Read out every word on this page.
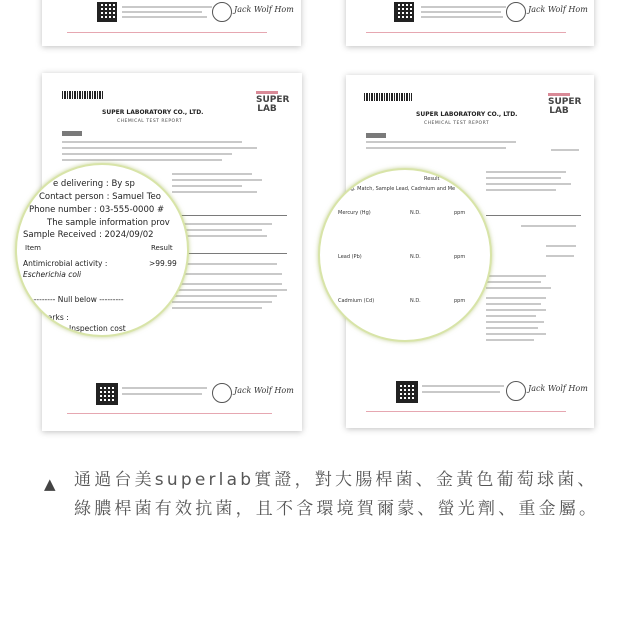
Jack Wolf Hom	Jack Wolf Hom
SUPER LABORATORY CO., LTD.
CHEMICAL TEST REPORT
SUPER LAB
Jack Wolf Hom
e delivering : By sp
Contact person : Samuel Teo
Phone number : 03-555-0000 #
The sample information prov
Sample Received : 2024/09/02
Item	Result
Antimicrobial activity :	>99.99
Escherichia coli
--------- Null below ---------
Remarks :
Inspection cost
SUPER LABORATORY CO., LTD.
CHEMICAL TEST REPORT
SUPER LAB
Jack Wolf Hom
Result
Lg. Match, Sample Lead, Cadmium and Me
Mercury (Hg)	N.D.	ppm
Lead (Pb)	N.D.	ppm
Cadmium (Cd)	N.D.	ppm
▲ 通過台美superlab實證，對大腸桿菌、金黃色葡萄球菌、綠膿桿菌有效抗菌，且不含環境賀爾蒙、螢光劑、重金屬。
